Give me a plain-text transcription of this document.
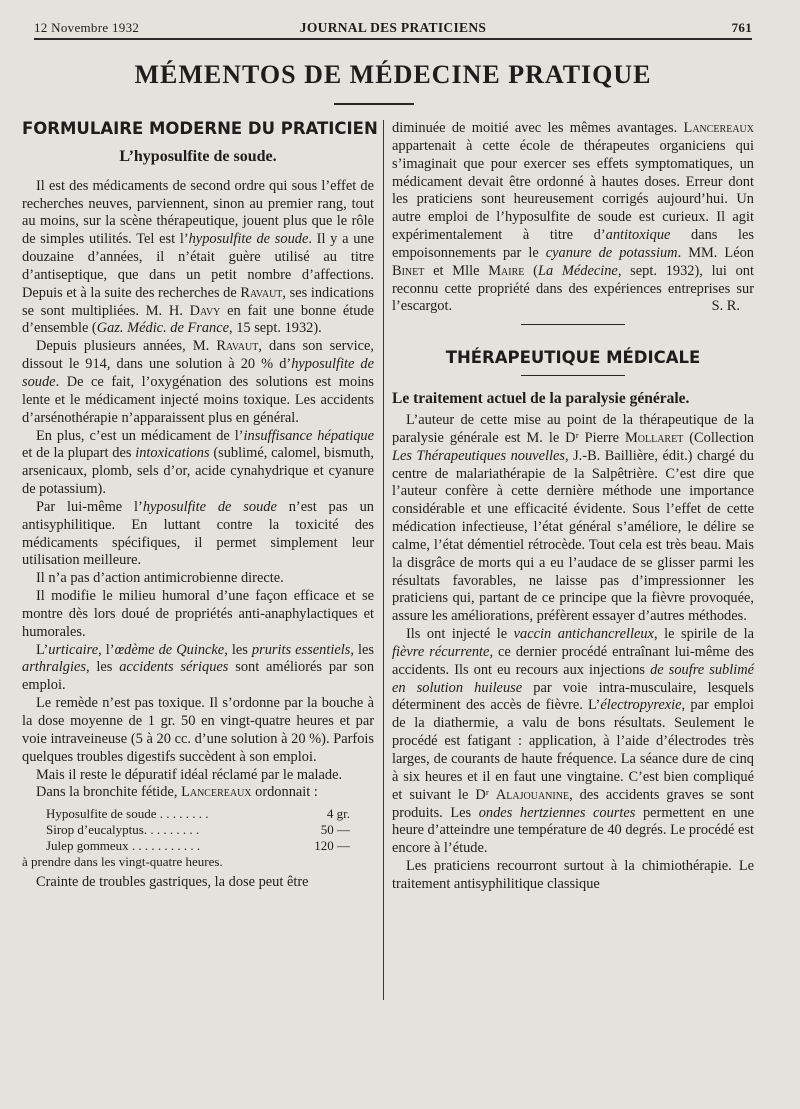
12 Novembre 1932	JOURNAL DES PRATICIENS	761
MÉMENTOS DE MÉDECINE PRATIQUE
FORMULAIRE MODERNE DU PRATICIEN
L’hyposulfite de soude.

Il est des médicaments de second ordre qui sous l’effet de recherches neuves, parviennent, sinon au premier rang, tout au moins, sur la scène thérapeutique, jouent plus que le rôle de simples utilités. Tel est l’hyposulfite de soude. Il y a une douzaine d’années, il n’était guère utilisé au titre d’antiseptique, que dans un petit nombre d’affections. Depuis et à la suite des recherches de Ravaut, ses indications se sont multipliées. M. H. Davy en fait une bonne étude d’ensemble (Gaz. Médic. de France, 15 sept. 1932).

Depuis plusieurs années, M. Ravaut, dans son service, dissout le 914, dans une solution à 20 % d’hyposulfite de soude. De ce fait, l’oxygénation des solutions est moins lente et le médicament injecté moins toxique. Les accidents d’arsénothérapie n’apparaissent plus en général.

En plus, c’est un médicament de l’insuffisance hépatique et de la plupart des intoxications (sublimé, calomel, bismuth, arsenicaux, plomb, sels d’or, acide cynahydrique et cyanure de potassium).

Par lui-même l’hyposulfite de soude n’est pas un antisyphilitique. En luttant contre la toxicité des médicaments spécifiques, il permet simplement leur utilisation meilleure.

Il n’a pas d’action antimicrobienne directe.

Il modifie le milieu humoral d’une façon efficace et se montre dès lors doué de propriétés anti-anaphylactiques et humorales.

L’urticaire, l’œdème de Quincke, les prurits essentiels, les arthralgies, les accidents sériques sont améliorés par son emploi.

Le remède n’est pas toxique. Il s’ordonne par la bouche à la dose moyenne de 1 gr. 50 en vingt-quatre heures et par voie intraveineuse (5 à 20 cc. d’une solution à 20 %). Parfois quelques troubles digestifs succèdent à son emploi.

Mais il reste le dépuratif idéal réclamé par le malade.

Dans la bronchite fétide, Lancereaux ordonnait :

Hyposulfite de soude . . . . . . . .	4 gr.
Sirop d’eucalyptus. . . . . . . . .	50 —
Julep gommeux . . . . . . . . . . .	120 —
à prendre dans les vingt-quatre heures.

Crainte de troubles gastriques, la dose peut être

diminuée de moitié avec les mêmes avantages. Lancereaux appartenait à cette école de thérapeutes organiciens qui s’imaginait que pour exercer ses effets symptomatiques, un médicament devait être ordonné à hautes doses. Erreur dont les praticiens sont heureusement corrigés aujourd’hui. Un autre emploi de l’hyposulfite de soude est curieux. Il agit expérimentalement à titre d’antitoxique dans les empoisonnements par le cyanure de potassium. MM. Léon Binet et Mlle Maire (La Médecine, sept. 1932), lui ont reconnu cette propriété dans des expériences entreprises sur l’escargot.	S. R.

THÉRAPEUTIQUE MÉDICALE
Le traitement actuel de la paralysie générale.

L’auteur de cette mise au point de la thérapeutique de la paralysie générale est M. le Dʳ Pierre Mollaret (Collection Les Thérapeutiques nouvelles, J.-B. Baillière, édit.) chargé du centre de malariathérapie de la Salpêtrière. C’est dire que l’auteur confère à cette dernière méthode une importance considérable et une efficacité évidente. Sous l’effet de cette médication infectieuse, l’état général s’améliore, le délire se calme, l’état démentiel rétrocède. Tout cela est très beau. Mais la disgrâce de morts qui a eu l’audace de se glisser parmi les résultats favorables, ne laisse pas d’impressionner les praticiens qui, partant de ce principe que la fièvre provoquée, assure les améliorations, préfèrent essayer d’autres méthodes.

Ils ont injecté le vaccin antichancrelleux, le spirile de la fièvre récurrente, ce dernier procédé entraînant lui-même des accidents. Ils ont eu recours aux injections de soufre sublimé en solution huileuse par voie intra-musculaire, lesquels déterminent des accès de fièvre. L’électropyrexie, par emploi de la diathermie, a valu de bons résultats. Seulement le procédé est fatigant : application, à l’aide d’électrodes très larges, de courants de haute fréquence. La séance dure de cinq à six heures et il en faut une vingtaine. C’est bien compliqué et suivant le Dʳ Alajouanine, des accidents graves se sont produits. Les ondes hertziennes courtes permettent en une heure d’atteindre une température de 40 degrés. Le procédé est encore à l’étude.

Les praticiens recourront surtout à la chimiothérapie. Le traitement antisyphilitique classique
